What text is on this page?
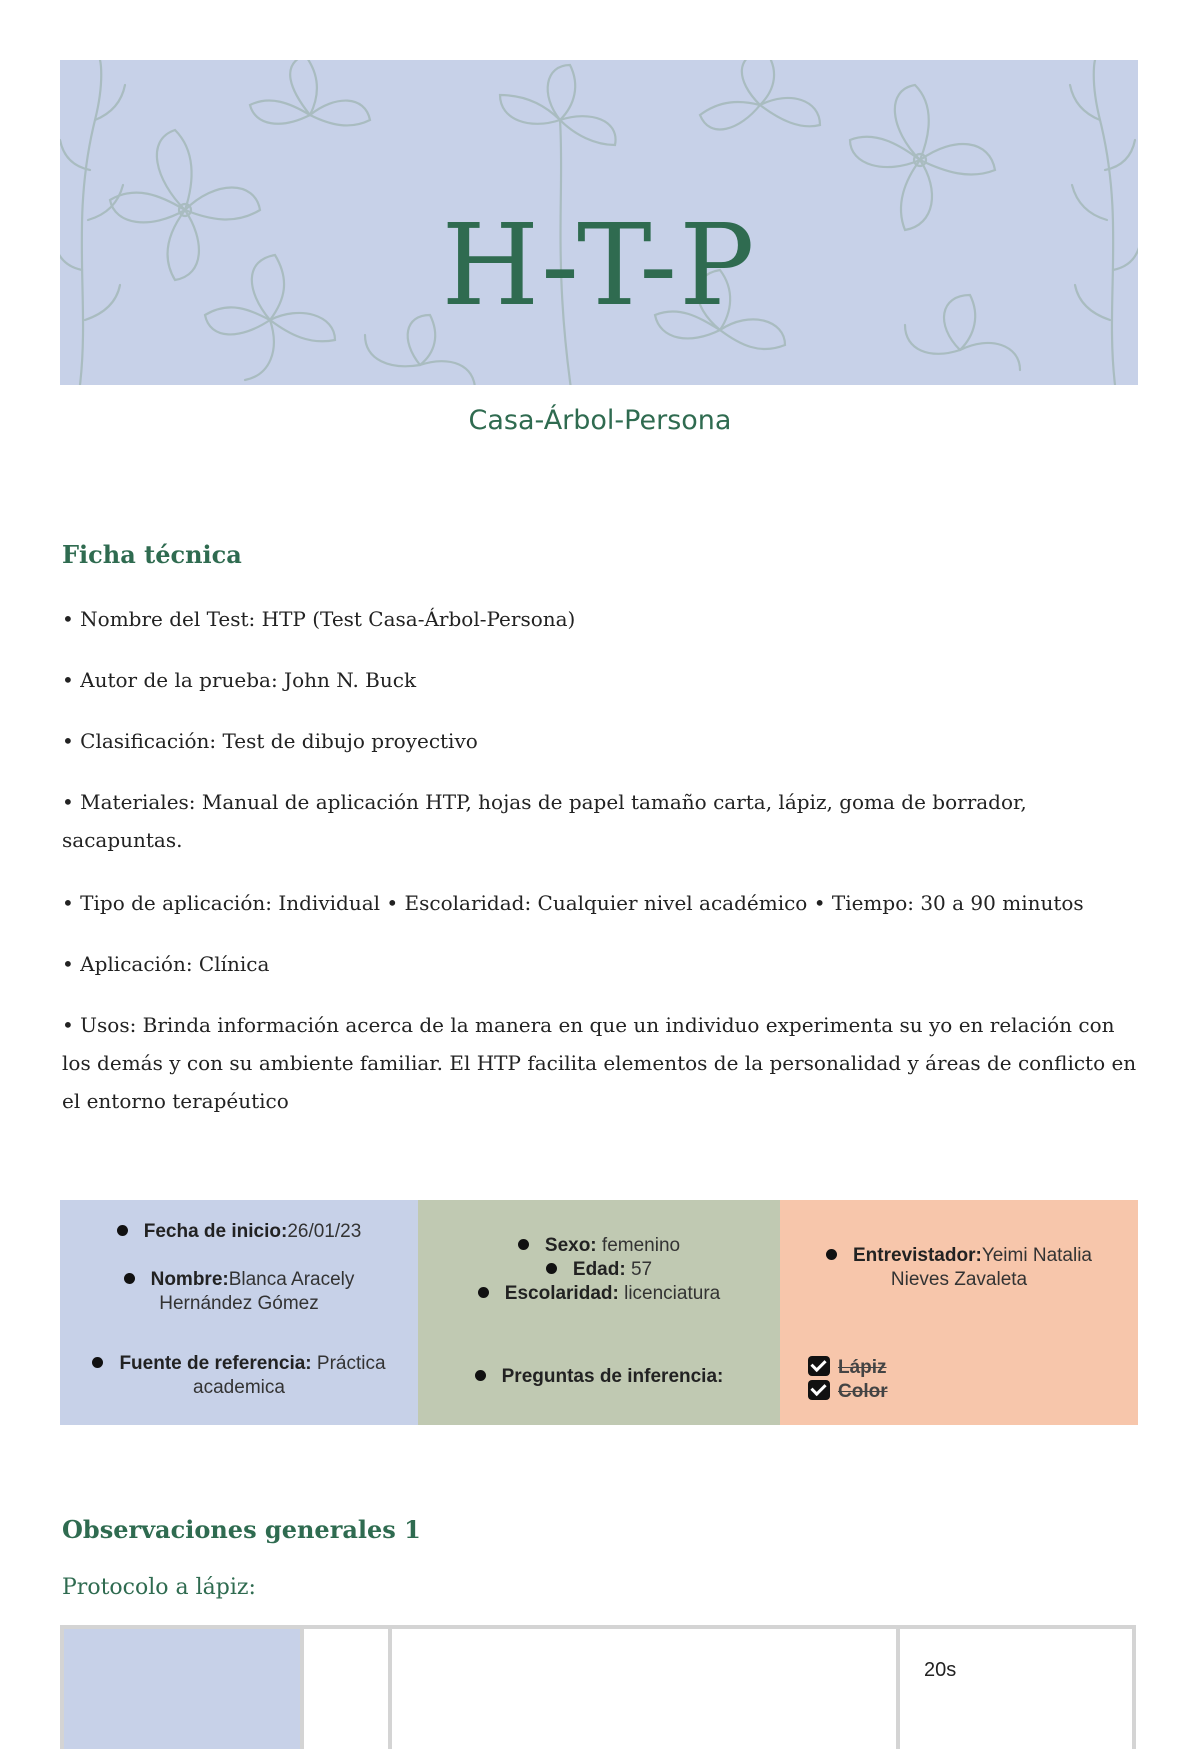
H-T-P
Casa-Árbol-Persona
Ficha técnica
• Nombre del Test: HTP (Test Casa-Árbol-Persona)
• Autor de la prueba: John N. Buck
• Clasificación: Test de dibujo proyectivo
• Materiales: Manual de aplicación HTP, hojas de papel tamaño carta, lápiz, goma de borrador, sacapuntas.
• Tipo de aplicación: Individual • Escolaridad: Cualquier nivel académico • Tiempo: 30 a 90 minutos
• Aplicación: Clínica
• Usos: Brinda información acerca de la manera en que un individuo experimenta su yo en relación con los demás y con su ambiente familiar. El HTP facilita elementos de la personalidad y áreas de conflicto en el entorno terapéutico
Fecha de inicio:26/01/23
Nombre:Blanca Aracely
Hernández Gómez
Fuente de referencia: Práctica
academica
Sexo: femenino
Edad: 57
Escolaridad: licenciatura
Preguntas de inferencia:
Entrevistador:Yeimi Natalia
Nieves Zavaleta
Lápiz
Color
Observaciones generales 1
Protocolo a lápiz:
20s
